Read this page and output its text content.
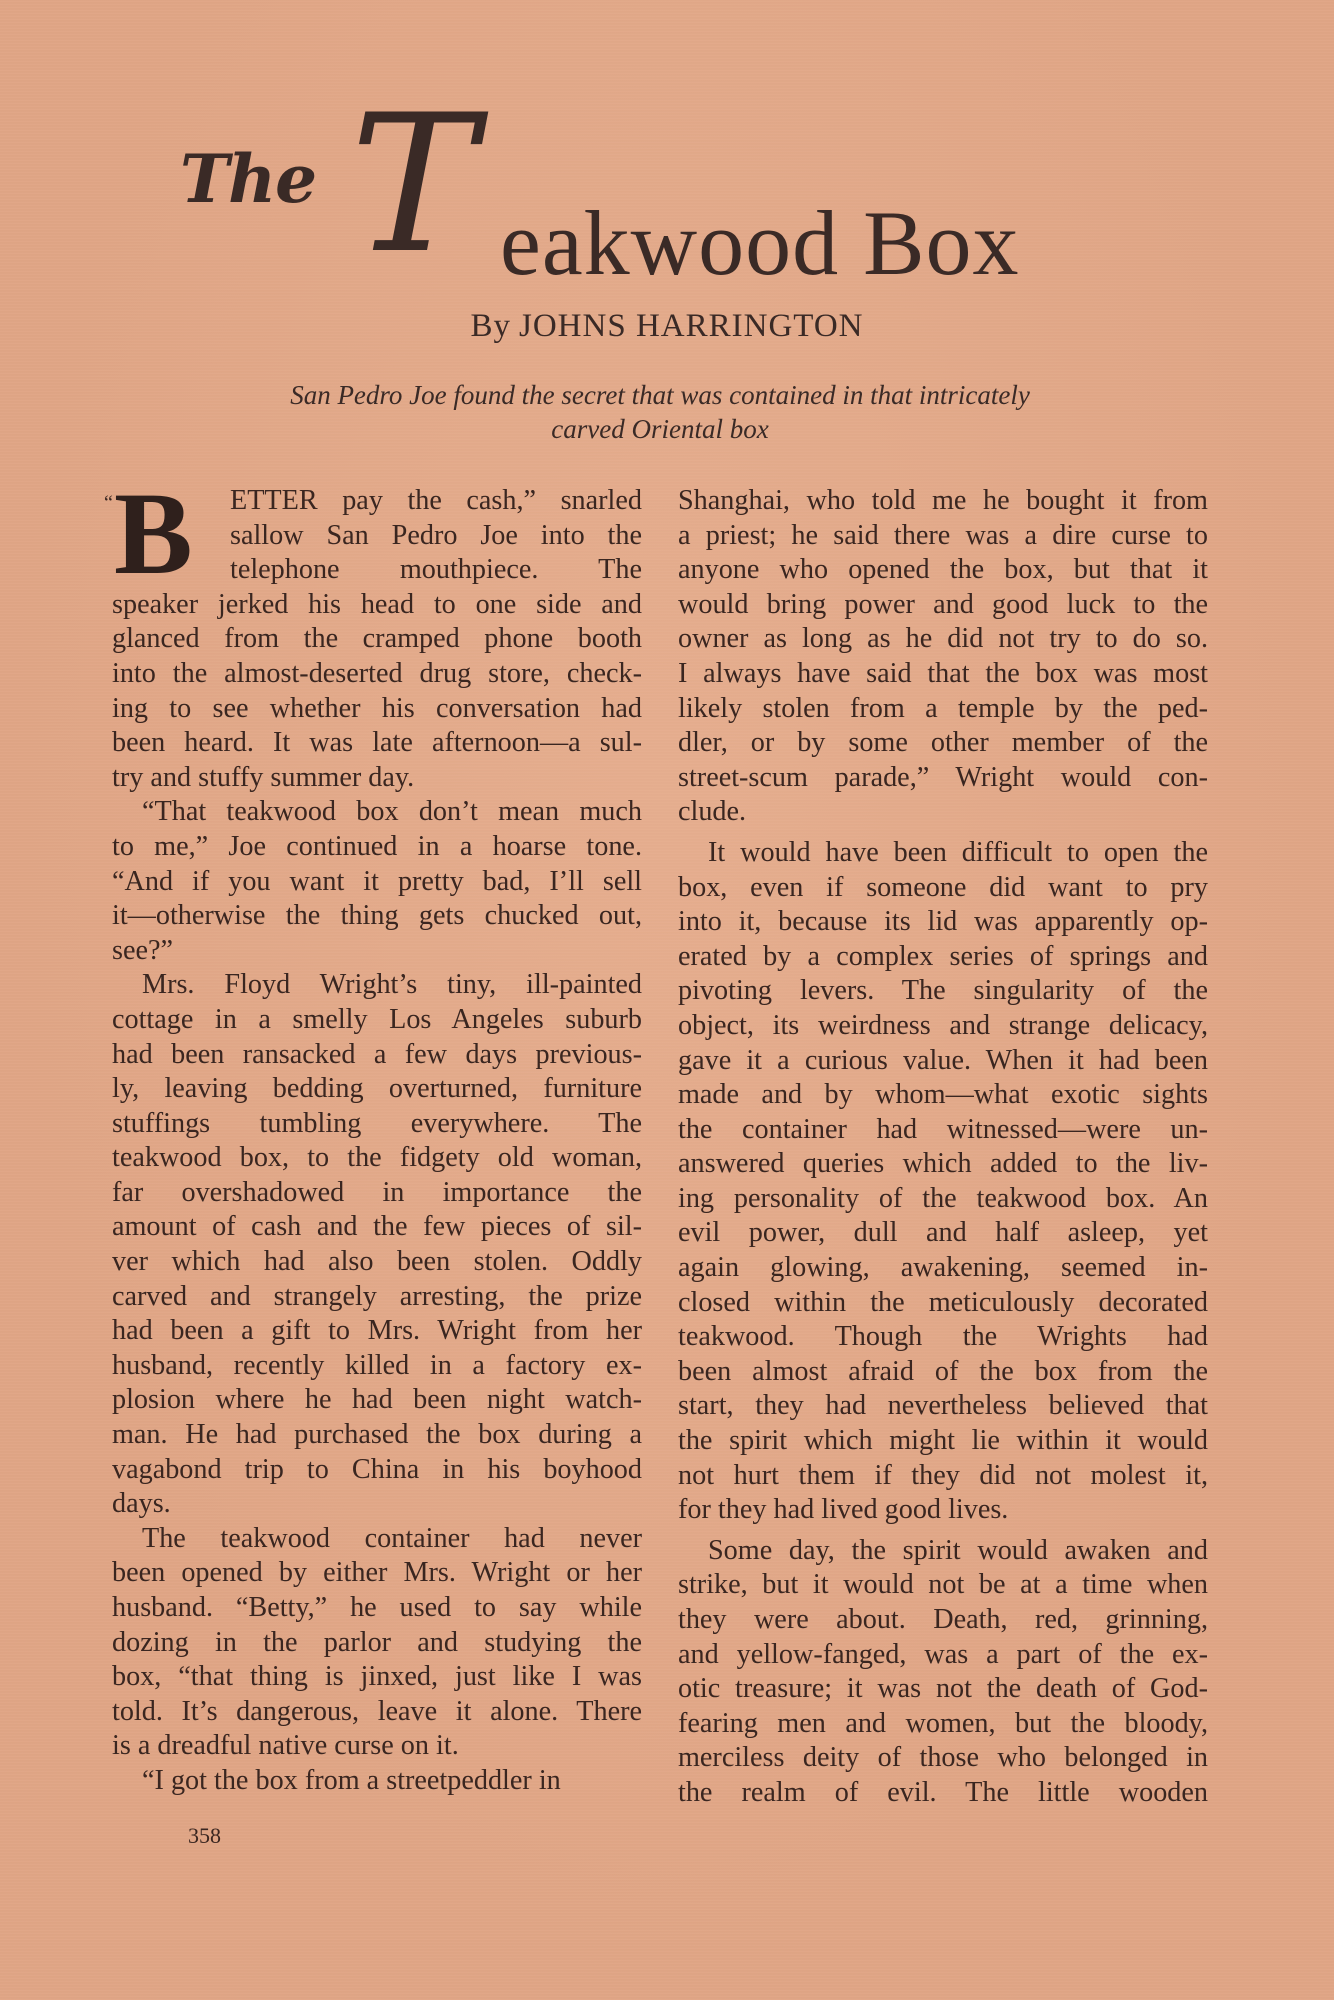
The T eakwood Box
By JOHNS HARRINGTON
San Pedro Joe found the secret that was contained in that intricately
carved Oriental box
“ B	ETTER pay the cash,” snarled
sallow San Pedro Joe into the
telephone mouthpiece. The
speaker jerked his head to one side and
glanced from the cramped phone booth
into the almost-deserted drug store, check-
ing to see whether his conversation had
been heard. It was late afternoon—a sul-
try and stuffy summer day.
“That teakwood box don’t mean much
to me,” Joe continued in a hoarse tone.
“And if you want it pretty bad, I’ll sell
it—otherwise the thing gets chucked out,
see?”
Mrs. Floyd Wright’s tiny, ill-painted
cottage in a smelly Los Angeles suburb
had been ransacked a few days previous-
ly, leaving bedding overturned, furniture
stuffings tumbling everywhere. The
teakwood box, to the fidgety old woman,
far overshadowed in importance the
amount of cash and the few pieces of sil-
ver which had also been stolen. Oddly
carved and strangely arresting, the prize
had been a gift to Mrs. Wright from her
husband, recently killed in a factory ex-
plosion where he had been night watch-
man. He had purchased the box during a
vagabond trip to China in his boyhood
days.
The teakwood container had never
been opened by either Mrs. Wright or her
husband. “Betty,” he used to say while
dozing in the parlor and studying the
box, “that thing is jinxed, just like I was
told. It’s dangerous, leave it alone. There
is a dreadful native curse on it.
“I got the box from a streetpeddler in
Shanghai, who told me he bought it from
a priest; he said there was a dire curse to
anyone who opened the box, but that it
would bring power and good luck to the
owner as long as he did not try to do so.
I always have said that the box was most
likely stolen from a temple by the ped-
dler, or by some other member of the
street-scum parade,” Wright would con-
clude.
It would have been difficult to open the
box, even if someone did want to pry
into it, because its lid was apparently op-
erated by a complex series of springs and
pivoting levers. The singularity of the
object, its weirdness and strange delicacy,
gave it a curious value. When it had been
made and by whom—what exotic sights
the container had witnessed—were un-
answered queries which added to the liv-
ing personality of the teakwood box. An
evil power, dull and half asleep, yet
again glowing, awakening, seemed in-
closed within the meticulously decorated
teakwood. Though the Wrights had
been almost afraid of the box from the
start, they had nevertheless believed that
the spirit which might lie within it would
not hurt them if they did not molest it,
for they had lived good lives.
Some day, the spirit would awaken and
strike, but it would not be at a time when
they were about. Death, red, grinning,
and yellow-fanged, was a part of the ex-
otic treasure; it was not the death of God-
fearing men and women, but the bloody,
merciless deity of those who belonged in
the realm of evil. The little wooden
358
